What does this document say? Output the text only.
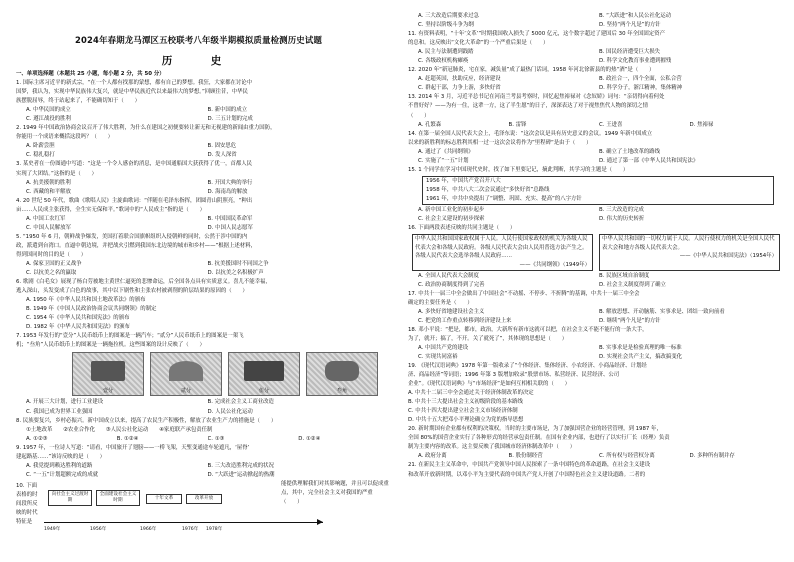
2024年春期龙马潭区五校联考八年级半期模拟质量检测历史试题
历　史
一、单项选择题（本题共 25 小题，每小题 2 分，共 50 分）
1. 国际主席习近平的新式宗，“在一个人都有找那的蒙想，都有自己的梦想。我狂，大家都在讨论中
国梦，我认为，实现中华民族伟大复兴，就是中华民族近代以来最伟大的梦想。”回顾往昔，中华民
族摆脱屈辱，终于站起来了，不能确切知于（　　）
A. 中华民国的成立	B. 新中国的成立
C. 遵江战役的胜利	D. 三五计划的完成
2. 1949 年中国政治协商会议召开了伟大胜利，为什么在建国之初便要转让新无和无视建的新闻由重力国防，
你能用一个成语来概括这段吗？（　　）
A. 卧薪尝胆	B. 固安思危
C. 稳扎稳打	D. 发人深省
3. 某史者在一份图通中写道：“这是一个令人感奋的消息，是中国通船国大获获得了优一，首都人民
实现了大团结。”这指的是（　　）
A. 抗美援朝的胜利	B. 开国大典的举行
C. 西藏的和平解放	D. 海南岛的解放
4. 20 世纪 50 年代，歌曲《歌唱人民》主旋曲歌词：“伴随在毛泽东指挥，团圆青山阴照亮，“种出
亩……人民成主张获得，全生实无保和平。”歌词中的“人民成主”指的是（　　）
A. 中国工农红军	B. 中国国民革命军
C. 中国人民解放军	D. 中国人民志愿军
5. “1950 年 6 月，朝鲜战争爆发，美国打着联合国旗帜组织入侵朝鲜的同时，公然于涉中国的内
政，派遣到台湾口。直逼中朝边境，并把战火引燃到我国东北边境的城市和乡村——”根据上述材料，
得到国同时的目的是（　　）
A. 保家卫国的正义战争	B. 抗美援国时不同国之争
C. 以抗美之名的赢取	D. 以抗美之名积极扩声
6. 歌剧《白毛女》展现了杨白劳被地主黄世仁逼死的悲惨命运，后全国各点具有实质意义。喜儿不能幸福，
逃入深山，头发变成了白色的故事，其中以下剧性和主张农村被剥削的阶层结果的原因的（　　）
A. 1950 年《中华人民共和国土地改革法》的颁布
B. 1949 年《中国人民政治协商会议共同纲领》的制定
C. 1954 年《中华人民共和国宪法》的颁布
D. 1982 年《中华人民共和国宪法》的颁布
7. 1953 年发行的“壹分”人民币纸币上的图案是一辆汽车；“贰分”人民币纸币上的图案是一架飞
机；“叁角”人民币纸币上的图案是一辆拖拉机。这些图案的设计反映了（　　）
壹分	贰分	伍分	叁角
A. 开展三大计划，进行工业建设	B. 完成社会主义工商业改造
C. 我国已成为世界工业强国	D. 人民公社化运动
8. 民族要复兴，乡村必振兴。新中国成立以来，提高了农民生产积极性，解放了农业生产力的措施是（　　）
①土地改革　　②农业合作化　　③人民公社化运动　　④家庭联产承包责任制
A. ①②③	B. ①②④	C. ①③	D. ①②④
9. 1957 年，一位诗人写道：“请看，中国旅开了翅膀——一桥飞架，天堑变通途车轮遮凡，‘屋脊’
建起路基……”该诗反映的是（　　）
A. 我党提到赖达胜利的道路	B. 三大改造胜利完成的状况
C. “一五”计划超额完成的成就	D. “大跃进”运动掀起的热潮
10. 下面表格的时间段所反映的时代特征是
向社会主义过渡时期
全面建设社会主义时期	十年文革	改革开放
1949年	1956年	1966年	1976年 1978年
能提供理解我们对其影响题，并且可以促成重点，其中，完全社会主义对我国的严重（　　）
A. 三大改造后期要求过急	B. “大跃进”和人民公社化运动
C. 坚持以阶级斗争为纲	D. 坚持“两个凡是”的方针
11. 有资料表明，“十年‘文革’”时期我国收入损失了 5000 亿元，这个数字超过了建国后 30 年全国固定资产
的总和。这反映出“文化大革命”的一个严重后果是（　　）
A. 民主与法制遭到践踏	B. 国民经济遭受巨大损失
C. 各级政权机构瘫痪	D. 科学文化教育事业遭到摧残
12. 2020 年“新冠肺炎，宅在家，减负量”成了最热门话词，1958 年河北徐新县的的热“酒”是（　　）
A. 赶超英国，扶助反应，经济建设	B. 政社合一，四个全面，公私合营
C. 群起干部，力争上游，多快好省	D. 科学分子，浙江精神，集体精神
13. 2014 年 3 月，习近平总书记在河南兰考县考察时，回忆起焦裕禄对《念奴娇》词句：“亲切得向着何处
不曾好好？——为有一住，这辈一方，这了半生愿”的日子，深深表达了对于视焦焦代人物的深切之情
（　　）
A. 孔繁森	B. 雷锋	C. 王进喜	D. 焦裕禄
14. 在第一届全国人民代表大会上，毛泽东说：“这次会议是具有历史意义的会议。1949 年新中国成立
以来的新胜利的标志胜利其相一过一这次会议将作为”里程碑“是由于（　　）
A. 通过了《共同纲领》	B. 确立了土地改革的路线
C. 实施了“一五”计划	D. 通过了第一部《中华人民共和国宪法》
15. 1 个同学在学习中国现代史时，找了如下里要记记，摘此判断，其学习的主题是（　　）
1956 年，中国共产党召开八大
1958 年，中共八大二次会议通过“多快好省”总路线
1961 年，中共中央提出了“调整、巩固、充实、提高”的八字方针
A. 新中国工业化的初步起步	B. 三大改造的完成
C. 社会主义建设的初步探索	D. 伟大的历史转折
16. 下面两段表述反映的共同主题是（　　）
中华人民共和国国家政权属于人民。人民行使国家政权的机关为各级人民代表大会和各级人民政府。各级人民代表大会由人民用普选方法产生之。各级人民代表大会选举各级人民政府……
——《共同纲领》（1949年）
中华人民共和国的一切权力属于人民。人民行使权力的机关是全国人民代表大会和地方各级人民代表大会。
——《中华人民共和国宪法》（1954年）
A. 全国人民代表大会制度	B. 民族区域自治制度
C. 政治协商制度得到了完善	D. 社会主义制度得到了确立
17. 中共十一届三中全会做出了中国社会“不动摇、不停步、不折腾”的基调，中共十一届三中全会
确定的主要任务是（　　）
A. 多快好省地建设社会主义	B. 解放思想、开动脑筋、实事求是、团结一致向前看
C. 把党的工作重点转移到经济建设上来	D. 继续“两个凡是”的方针
18. 邓小平说：“把是，都市，政治，大新所有新市这就可以把，在社会主义不能不能行的一条大手，
为了，就开；搞了，不开。关了就死了”，其体现的思想是（　　）
A. 中国共产党的建设	B. 实事求是是检验真理的唯一标准
C. 实现共同富裕	D. 实现社会共产主义，搞改搞变化
19. 《现代汉语词典》1978 年第一版收录了“个体经济、集体经济、小农经济、小商品经济、计划经
济、商品经济”等词语；1996 年第 3 版增加收录“股票市场、私营经济、民营经济、公司
企业”。《现代汉语词典》与“市场经济”是如何互相相关联的（　　）
A. 中共十二届三中全会通过关于经济体制改革的决定
B. 中共十三大提出社会主义初级阶段的基本路线
C. 中共十四大提出建立社会主义市场经济体制
D. 中共十五大把邓小平理论确立为党的指导思想
20. 新时期国有企业都有权利的决策权。当时的主要市场是，为了加强国营企业的经营管理，到 1987 年，
全国 80%的国营企业实行了各种形式的经营承包责任制。在国有企业内部，也进行了以实行厂长（经理）负责
制为主要内容的改革。这主要反映了我国城市经济体制改革中（　　）
A. 政府分离	B. 股份制经营	C. 所有权与经营权分离	D. 多种所有制并存
21. 在新民主主义革命中，中国共产党领导中国人民探索了一条中国特色的革命道路，在社会主义建设
和改革开放新时期，以邓小平为主要代表的中国共产党人开创了中国特色社会主义建设道路。二者的
